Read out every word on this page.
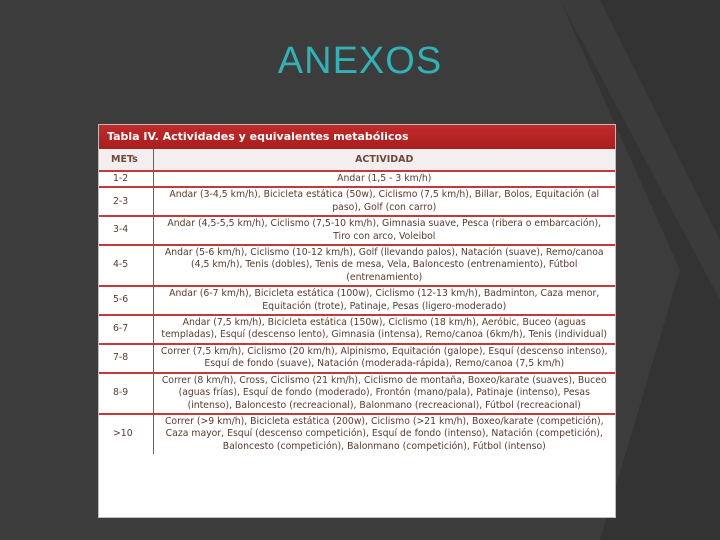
ANEXOS
Tabla IV. Actividades y equivalentes metabólicos
METs	ACTIVIDAD
1-2	Andar (1,5 - 3 km/h)
2-3	Andar (3-4,5 km/h), Bicicleta estática (50w), Ciclismo (7,5 km/h), Billar, Bolos, Equitación (al paso), Golf (con carro)
3-4	Andar (4,5-5,5 km/h), Ciclismo (7,5-10 km/h), Gimnasia suave, Pesca (ribera o embarcación), Tiro con arco, Voleibol
4-5	Andar (5-6 km/h), Ciclismo (10-12 km/h), Golf (llevando palos), Natación (suave), Remo/canoa (4,5 km/h), Tenis (dobles), Tenis de mesa, Vela, Baloncesto (entrenamiento), Fútbol (entrenamiento)
5-6	Andar (6-7 km/h), Bicicleta estática (100w), Ciclismo (12-13 km/h), Badminton, Caza menor, Equitación (trote), Patinaje, Pesas (ligero-moderado)
6-7	Andar (7,5 km/h), Bicicleta estática (150w), Ciclismo (18 km/h), Aeróbic, Buceo (aguas templadas), Esquí (descenso lento), Gimnasia (intensa), Remo/canoa (6km/h), Tenis (individual)
7-8	Correr (7,5 km/h), Ciclismo (20 km/h), Alpinismo, Equitación (galope), Esquí (descenso intenso), Esquí de fondo (suave), Natación (moderada-rápida), Remo/canoa (7,5 km/h)
8-9	Correr (8 km/h), Cross, Ciclismo (21 km/h), Ciclismo de montaña, Boxeo/karate (suaves), Buceo (aguas frías), Esquí de fondo (moderado), Frontón (mano/pala), Patinaje (intenso), Pesas (intenso), Baloncesto (recreacional), Balonmano (recreacional), Fútbol (recreacional)
>10	Correr (>9 km/h), Bicicleta estática (200w), Ciclismo (>21 km/h), Boxeo/karate (competición), Caza mayor, Esquí (descenso competición), Esquí de fondo (intenso), Natación (competición), Baloncesto (competición), Balonmano (competición), Fútbol (intenso)
